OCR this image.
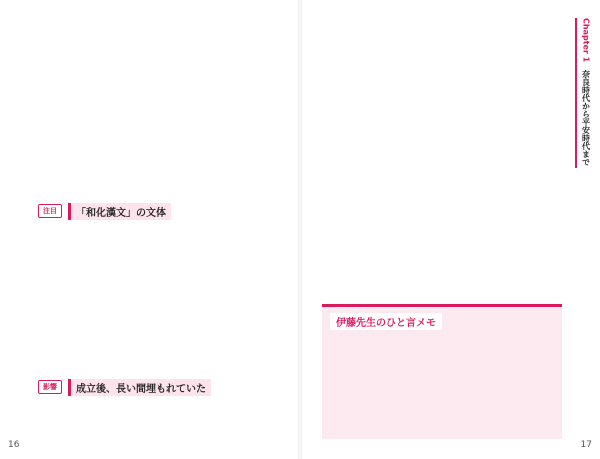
注目	「和化漢文」の文体
影響	成立後、長い間埋もれていた
16
伊藤先生のひと言メモ
Chapter 1
奈良時代から平安時代まで
17
